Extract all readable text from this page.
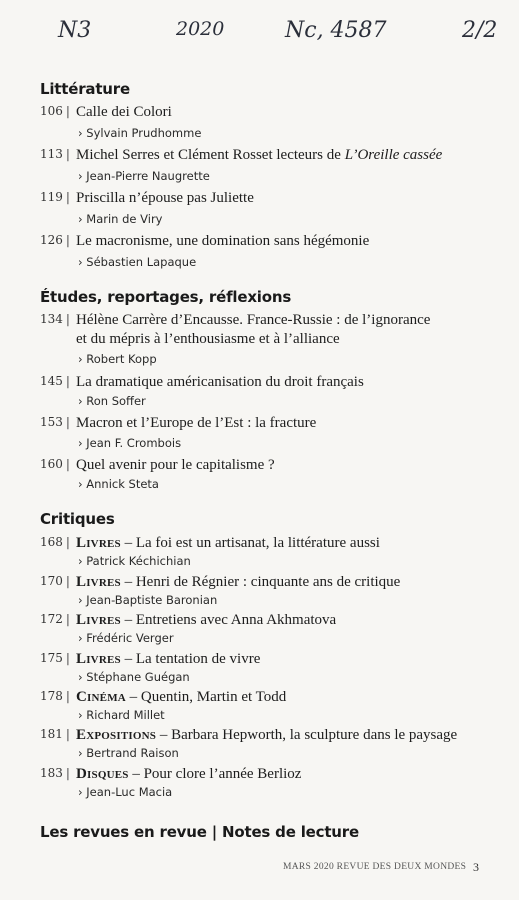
N3	2020	Nc, 4587	2/2
Littérature
106 | Calle dei Colori
› Sylvain Prudhomme
113 | Michel Serres et Clément Rosset lecteurs de L’Oreille cassée
› Jean-Pierre Naugrette
119 | Priscilla n’épouse pas Juliette
› Marin de Viry
126 | Le macronisme, une domination sans hégémonie
› Sébastien Lapaque
Études, reportages, réflexions
134 | Hélène Carrère d’Encausse. France-Russie : de l’ignorance
et du mépris à l’enthousiasme et à l’alliance
› Robert Kopp
145 | La dramatique américanisation du droit français
› Ron Soffer
153 | Macron et l’Europe de l’Est : la fracture
› Jean F. Crombois
160 | Quel avenir pour le capitalisme ?
› Annick Steta
Critiques
168 | Livres – La foi est un artisanat, la littérature aussi
› Patrick Kéchichian
170 | Livres – Henri de Régnier : cinquante ans de critique
› Jean-Baptiste Baronian
172 | Livres – Entretiens avec Anna Akhmatova
› Frédéric Verger
175 | Livres – La tentation de vivre
› Stéphane Guégan
178 | Cinéma – Quentin, Martin et Todd
› Richard Millet
181 | Expositions – Barbara Hepworth, la sculpture dans le paysage
› Bertrand Raison
183 | Disques – Pour clore l’année Berlioz
› Jean-Luc Macia
Les revues en revue | Notes de lecture
MARS 2020 REVUE DES DEUX MONDES 3
